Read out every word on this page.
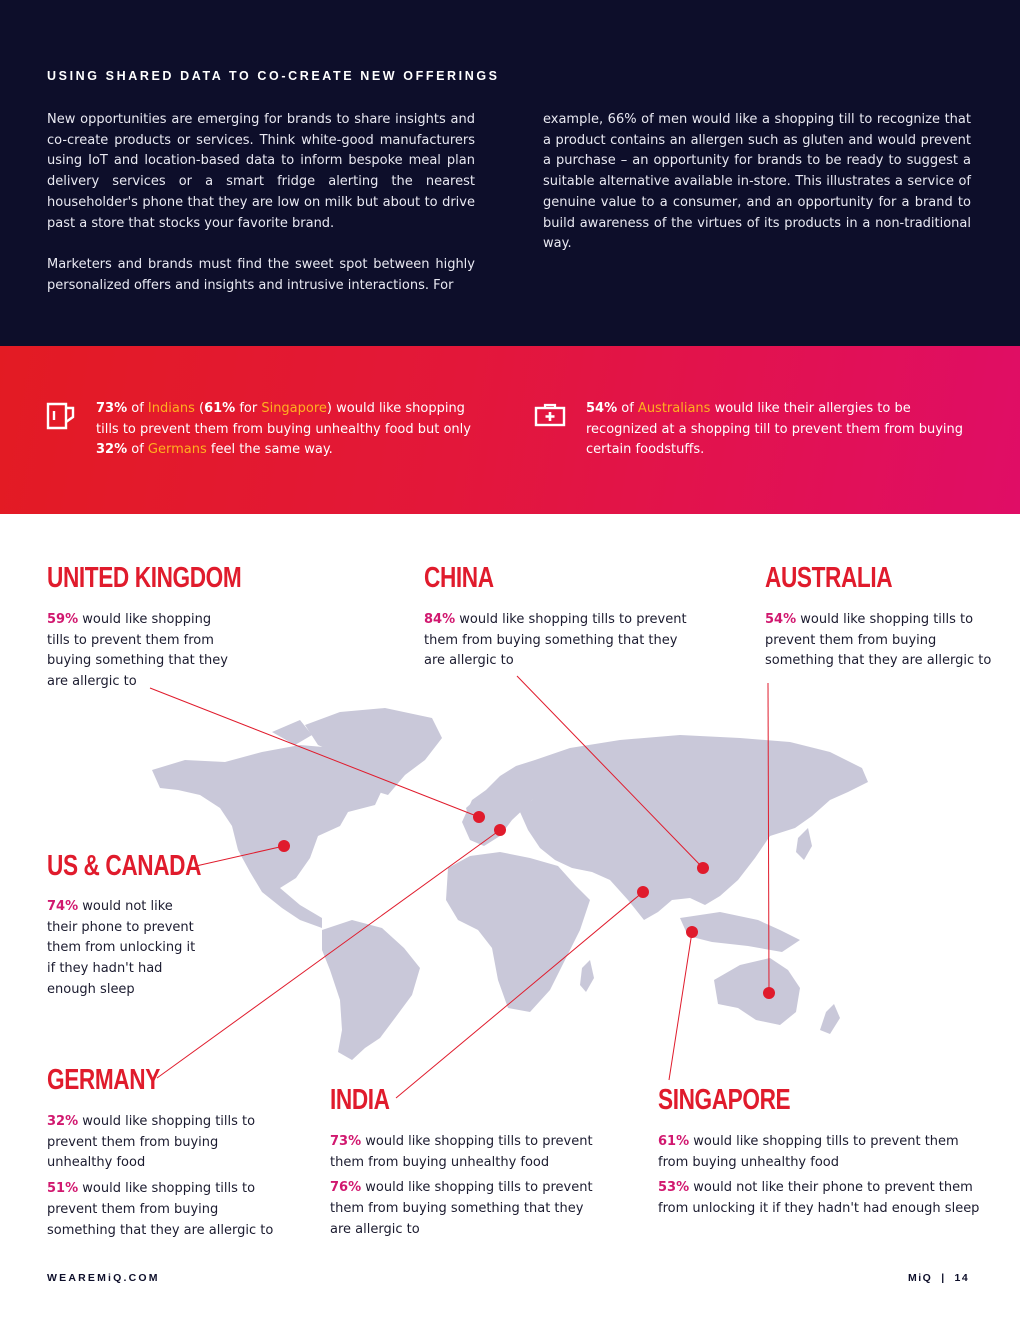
USING SHARED DATA TO CO-CREATE NEW OFFERINGS

New opportunities are emerging for brands to share insights and co-create products or services. Think white-good manufacturers using IoT and location-based data to inform bespoke meal plan delivery services or a smart fridge alerting the nearest householder's phone that they are low on milk but about to drive past a store that stocks your favorite brand.

Marketers and brands must find the sweet spot between highly personalized offers and insights and intrusive interactions. For

example, 66% of men would like a shopping till to recognize that a product contains an allergen such as gluten and would prevent a purchase – an opportunity for brands to be ready to suggest a suitable alternative available in-store. This illustrates a service of genuine value to a consumer, and an opportunity for a brand to build awareness of the virtues of its products in a non-traditional way.

73% of Indians (61% for Singapore) would like shopping tills to prevent them from buying unhealthy food but only 32% of Germans feel the same way.
54% of Australians would like their allergies to be recognized at a shopping till to prevent them from buying certain foodstuffs.
UNITED KINGDOM
59% would like shopping tills to prevent them from buying something that they are allergic to
CHINA
84% would like shopping tills to prevent them from buying something that they are allergic to
AUSTRALIA
54% would like shopping tills to prevent them from buying something that they are allergic to
US & CANADA
74% would not like their phone to prevent them from unlocking it if they hadn't had enough sleep
GERMANY

32% would like shopping tills to prevent them from buying unhealthy food

51% would like shopping tills to prevent them from buying something that they are allergic to

INDIA

73% would like shopping tills to prevent them from buying unhealthy food

76% would like shopping tills to prevent them from buying something that they are allergic to

SINGAPORE

61% would like shopping tills to prevent them from buying unhealthy food

53% would not like their phone to prevent them from unlocking it if they hadn't had enough sleep

WEAREMiQ.COM	MiQ | 14
